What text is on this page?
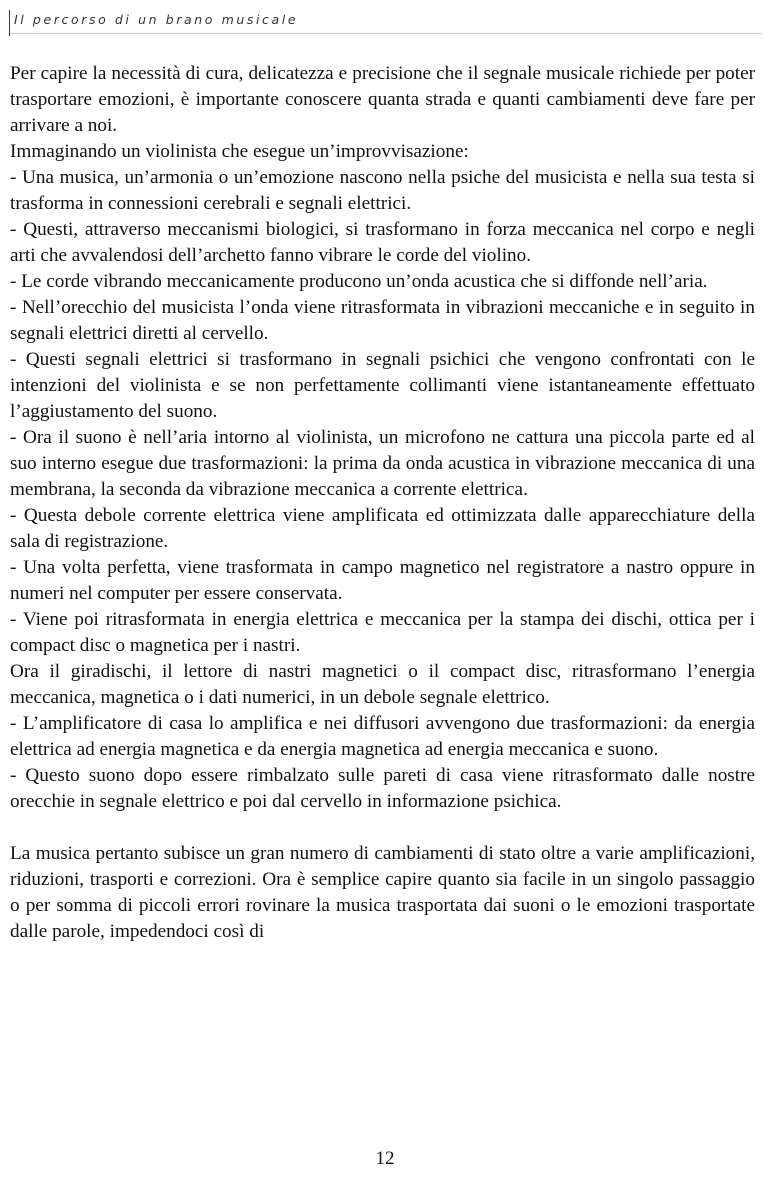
Il percorso di un brano musicale

Per capire la necessità di cura, delicatezza e precisione che il segnale musicale richiede per poter trasportare emozioni, è importante conoscere quanta strada e quanti cambiamenti deve fare per arrivare a noi.

Immaginando un violinista che esegue un’improvvisazione:

- Una musica, un’armonia o un’emozione nascono nella psiche del musicista e nella sua testa si trasforma in connessioni cerebrali e segnali elettrici.

- Questi, attraverso meccanismi biologici, si trasformano in forza meccanica nel corpo e negli arti che avvalendosi dell’archetto fanno vibrare le corde del violino.

- Le corde vibrando meccanicamente producono un’onda acustica che si diffonde nell’aria.

- Nell’orecchio del musicista l’onda viene ritrasformata in vibrazioni meccaniche e in seguito in segnali elettrici diretti al cervello.

- Questi segnali elettrici si trasformano in segnali psichici che vengono confrontati con le intenzioni del violinista e se non perfettamente collimanti viene istantaneamente effettuato l’aggiustamento del suono.

- Ora il suono è nell’aria intorno al violinista, un microfono ne cattura una piccola parte ed al suo interno esegue due trasformazioni: la prima da onda acustica in vibrazione meccanica di una membrana, la seconda da vibrazione meccanica a corrente elettrica.

- Questa debole corrente elettrica viene amplificata ed ottimizzata dalle apparecchiature della sala di registrazione.

- Una volta perfetta, viene trasformata in campo magnetico nel registratore a nastro oppure in numeri nel computer per essere conservata.

- Viene poi ritrasformata in energia elettrica e meccanica per la stampa dei dischi, ottica per i compact disc o magnetica per i nastri.

Ora il giradischi, il lettore di nastri magnetici o il compact disc, ritrasformano l’energia meccanica, magnetica o i dati numerici, in un debole segnale elettrico.

- L’amplificatore di casa lo amplifica e nei diffusori avvengono due trasformazioni: da energia elettrica ad energia magnetica e da energia magnetica ad energia meccanica e suono.

- Questo suono dopo essere rimbalzato sulle pareti di casa viene ritrasformato dalle nostre orecchie in segnale elettrico e poi dal cervello in informazione psichica.

La musica pertanto subisce un gran numero di cambiamenti di stato oltre a varie amplificazioni, riduzioni, trasporti e correzioni. Ora è semplice capire quanto sia facile in un singolo passaggio o per somma di piccoli errori rovinare la musica trasportata dai suoni o le emozioni trasportate dalle parole, impedendoci così di

12
